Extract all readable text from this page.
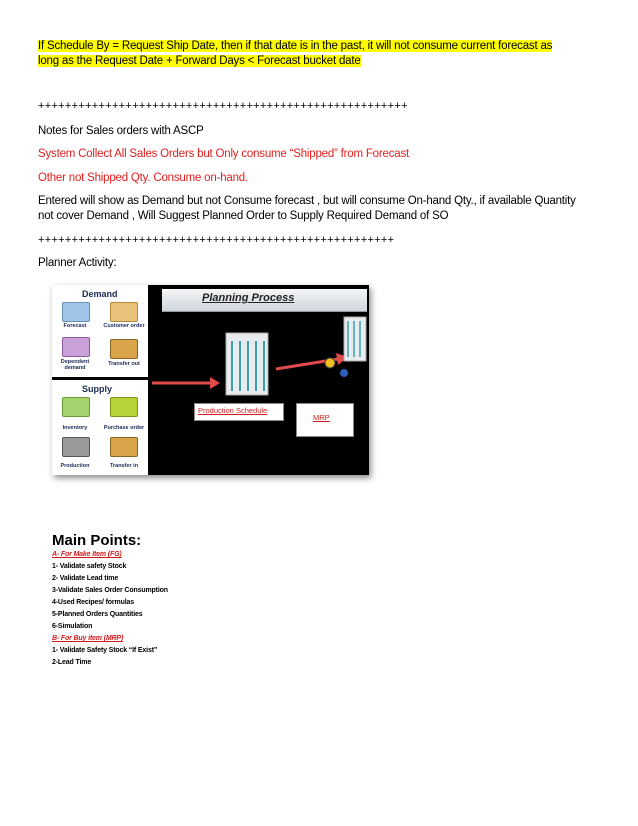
If Schedule By = Request Ship Date, then if that date is in the past, it will not consume current forecast as
long as the Request Date + Forward Days < Forecast bucket date
+++++++++++++++++++++++++++++++++++++++++++++++++++++++
Notes for Sales orders with ASCP
System Collect All Sales Orders but Only consume “Shipped” from Forecast
Other not Shipped Qty. Consume on-hand.
Entered will show as Demand but not Consume forecast , but will consume On-hand Qty., if available Quantity
not cover Demand , Will Suggest Planned Order to Supply Required Demand of SO
+++++++++++++++++++++++++++++++++++++++++++++++++++++
Planner Activity:
Demand
Forecast	Customer order
Dependent
demand
Transfer out
Supply
Inventory	Purchase order
Production	Transfer in
Planning Process
Production Schedule
MRP
Main Points:
A- For Make Item (FG)
1- Validate safety Stock
2- Validate Lead time
3-Validate Sales Order Consumption
4-Used Recipes/ formulas
5-Planned Orders Quantities
6-Simulation
B- For Buy item (MRP)
1- Validate Safety Stock “If Exist”
2-Lead Time
